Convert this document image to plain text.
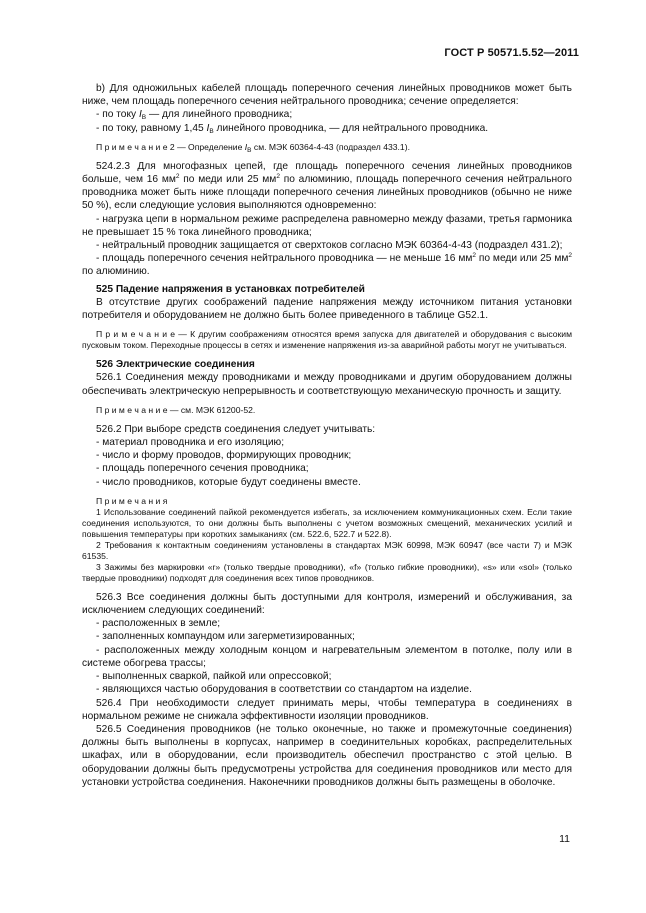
ГОСТ Р 50571.5.52—2011

b) Для одножильных кабелей площадь поперечного сечения линейных проводников может быть ниже, чем площадь поперечного сечения нейтрального проводника; сечение определяется:

- по току $I_B$ — для линейного проводника;

- по току, равному 1,45 $I_B$ линейного проводника, — для нейтрального проводника.

П р и м е ч а н и е 2 — Определение $I_B$ см. МЭК 60364-4-43 (подраздел 433.1).

524.2.3 Для многофазных цепей, где площадь поперечного сечения линейных проводников больше, чем 16 $мм^2$ по меди или 25 $мм^2$ по алюминию, площадь поперечного сечения нейтрального проводника может быть ниже площади поперечного сечения линейных проводников (обычно не ниже 50 %), если следующие условия выполняются одновременно:

- нагрузка цепи в нормальном режиме распределена равномерно между фазами, третья гармоника не превышает 15 % тока линейного проводника;

- нейтральный проводник защищается от сверхтоков согласно МЭК 60364-4-43 (подраздел 431.2);

- площадь поперечного сечения нейтрального проводника — не меньше 16 $мм^2$ по меди или 25 $мм^2$ по алюминию.

525 Падение напряжения в установках потребителей

В отсутствие других соображений падение напряжения между источником питания установки потребителя и оборудованием не должно быть более приведенного в таблице G52.1.

П р и м е ч а н и е — К другим соображениям относятся время запуска для двигателей и оборудования с высоким пусковым током. Переходные процессы в сетях и изменение напряжения из-за аварийной работы могут не учитываться.

526 Электрические соединения

526.1 Соединения между проводниками и между проводниками и другим оборудованием должны обеспечивать электрическую непрерывность и соответствующую механическую прочность и защиту.

П р и м е ч а н и е — см. МЭК 61200-52.

526.2 При выборе средств соединения следует учитывать:

- материал проводника и его изоляцию;

- число и форму проводов, формирующих проводник;

- площадь поперечного сечения проводника;

- число проводников, которые будут соединены вместе.

П р и м е ч а н и я

1 Использование соединений пайкой рекомендуется избегать, за исключением коммуникационных схем. Если такие соединения используются, то они должны быть выполнены с учетом возможных смещений, механических усилий и повышения температуры при коротких замыканиях (см. 522.6, 522.7 и 522.8).

2 Требования к контактным соединениям установлены в стандартах МЭК 60998, МЭК 60947 (все части 7) и МЭК 61535.

3 Зажимы без маркировки «r» (только твердые проводники), «f» (только гибкие проводники), «s» или «sol» (только твердые проводники) подходят для соединения всех типов проводников.

526.3 Все соединения должны быть доступными для контроля, измерений и обслуживания, за исключением следующих соединений:

- расположенных в земле;

- заполненных компаундом или загерметизированных;

- расположенных между холодным концом и нагревательным элементом в потолке, полу или в системе обогрева трассы;

- выполненных сваркой, пайкой или опрессовкой;

- являющихся частью оборудования в соответствии со стандартом на изделие.

526.4 При необходимости следует принимать меры, чтобы температура в соединениях в нормальном режиме не снижала эффективности изоляции проводников.

526.5 Соединения проводников (не только оконечные, но также и промежуточные соединения) должны быть выполнены в корпусах, например в соединительных коробках, распределительных шкафах, или в оборудовании, если производитель обеспечил пространство с этой целью. В оборудовании должны быть предусмотрены устройства для соединения проводников или место для установки устройства соединения. Наконечники проводников должны быть размещены в оболочке.

11
